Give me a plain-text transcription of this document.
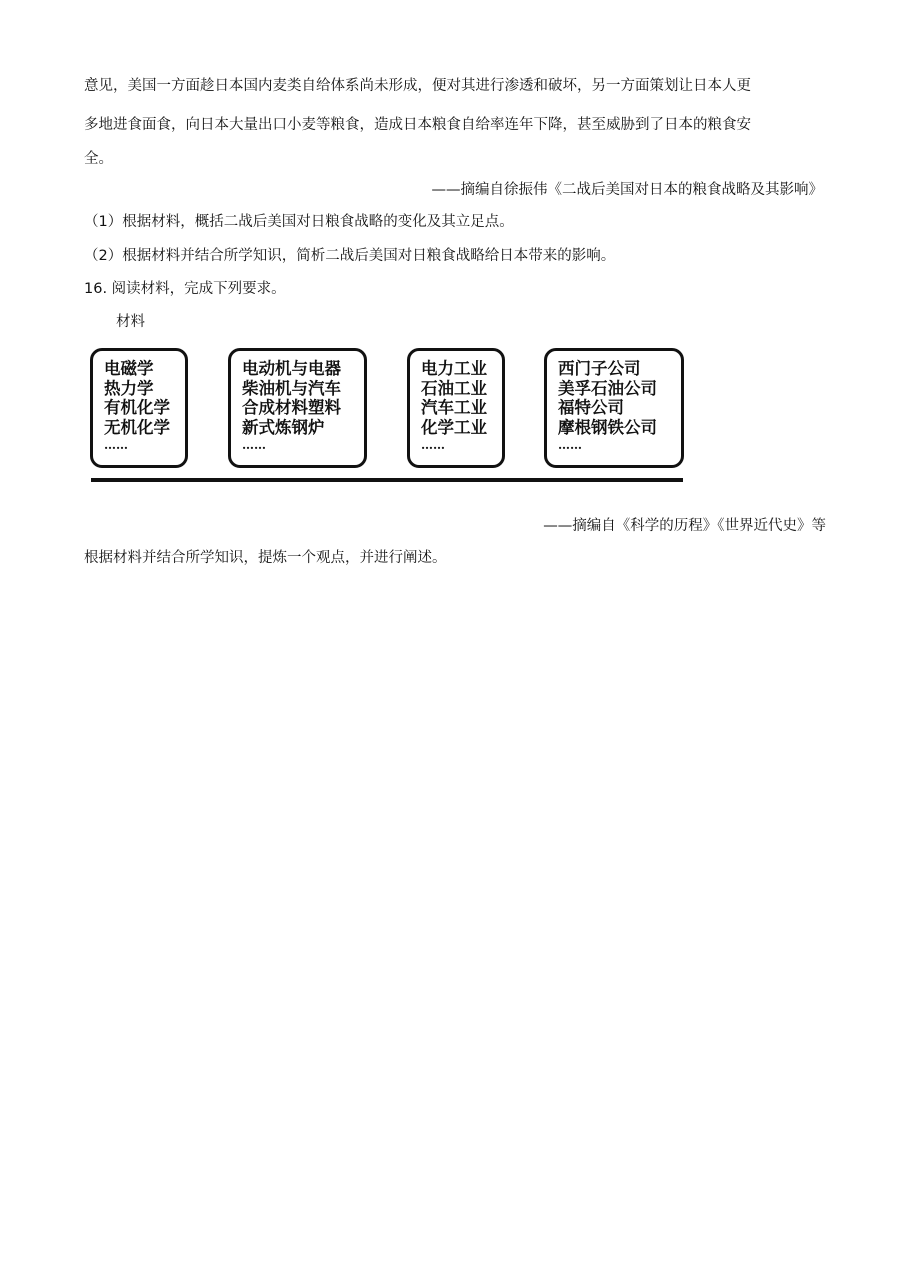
意见，美国一方面趁日本国内麦类自给体系尚未形成，便对其进行渗透和破坏，另一方面策划让日本人更
多地进食面食，向日本大量出口小麦等粮食，造成日本粮食自给率连年下降，甚至威胁到了日本的粮食安
全。
——摘编自徐振伟《二战后美国对日本的粮食战略及其影响》
（1）根据材料，概括二战后美国对日粮食战略的变化及其立足点。
（2）根据材料并结合所学知识，简析二战后美国对日粮食战略给日本带来的影响。
16. 阅读材料，完成下列要求。
材料
电磁学
热力学
有机化学
无机化学
……
电动机与电器
柴油机与汽车
合成材料塑料
新式炼钢炉
……
电力工业
石油工业
汽车工业
化学工业
……
西门子公司
美孚石油公司
福特公司
摩根钢铁公司
……
——摘编自《科学的历程》《世界近代史》等
根据材料并结合所学知识，提炼一个观点，并进行阐述。
